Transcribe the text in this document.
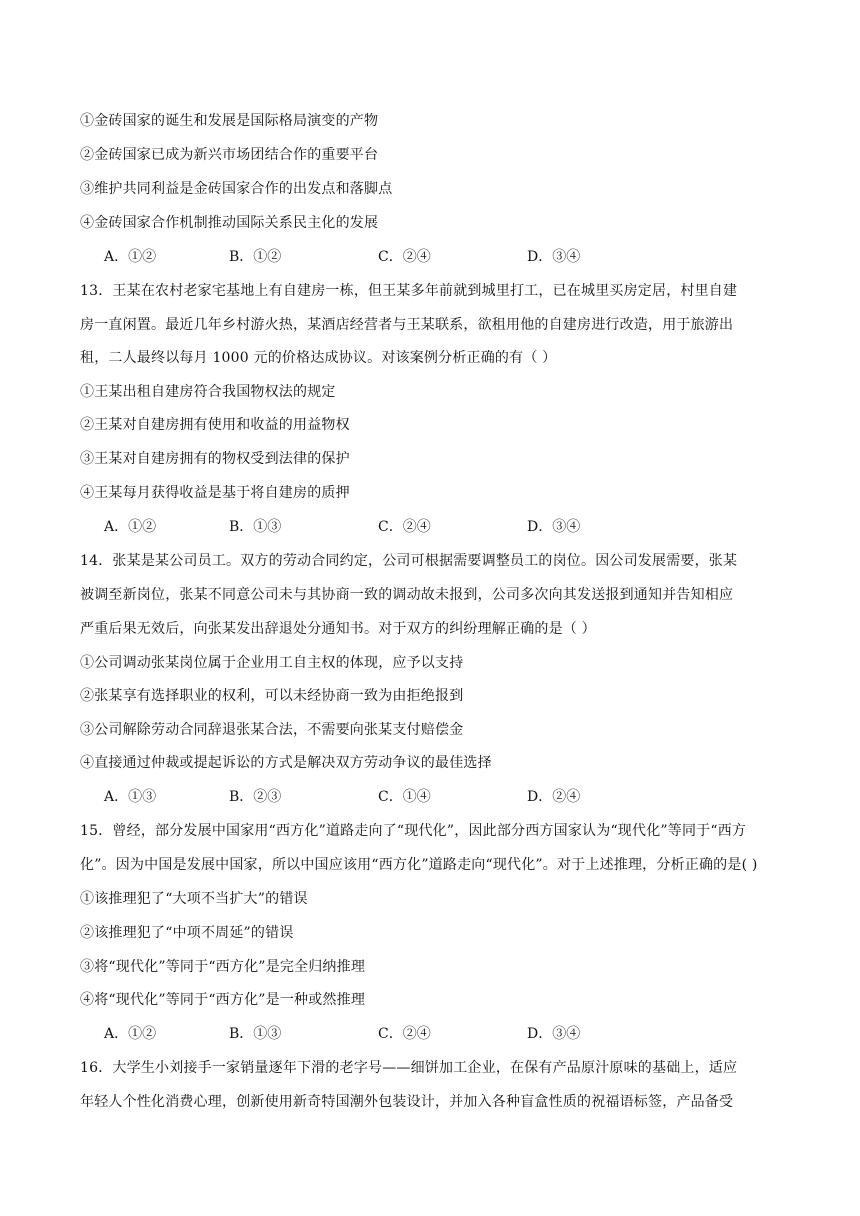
①金砖国家的诞生和发展是国际格局演变的产物
②金砖国家已成为新兴市场团结合作的重要平台
③维护共同利益是金砖国家合作的出发点和落脚点
④金砖国家合作机制推动国际关系民主化的发展
A．①②	B．①②	C．②④	D．③④
13．王某在农村老家宅基地上有自建房一栋，但王某多年前就到城里打工，已在城里买房定居，村里自建
房一直闲置。最近几年乡村游火热，某酒店经营者与王某联系，欲租用他的自建房进行改造，用于旅游出
租，二人最终以每月 1000 元的价格达成协议。对该案例分析正确的有（ ）
①王某出租自建房符合我国物权法的规定
②王某对自建房拥有使用和收益的用益物权
③王某对自建房拥有的物权受到法律的保护
④王某每月获得收益是基于将自建房的质押
A．①②	B．①③	C．②④	D．③④
14．张某是某公司员工。双方的劳动合同约定，公司可根据需要调整员工的岗位。因公司发展需要，张某
被调至新岗位，张某不同意公司未与其协商一致的调动故未报到，公司多次向其发送报到通知并告知相应
严重后果无效后，向张某发出辞退处分通知书。对于双方的纠纷理解正确的是（ ）
①公司调动张某岗位属于企业用工自主权的体现，应予以支持
②张某享有选择职业的权利，可以未经协商一致为由拒绝报到
③公司解除劳动合同辞退张某合法，不需要向张某支付赔偿金
④直接通过仲裁或提起诉讼的方式是解决双方劳动争议的最佳选择
A．①③	B．②③	C．①④	D．②④
15．曾经，部分发展中国家用“西方化”道路走向了“现代化”，因此部分西方国家认为“现代化”等同于“西方
化”。因为中国是发展中国家，所以中国应该用“西方化”道路走向“现代化”。对于上述推理，分析正确的是( )
①该推理犯了“大项不当扩大”的错误
②该推理犯了“中项不周延”的错误
③将“现代化”等同于“西方化”是完全归纳推理
④将“现代化”等同于“西方化”是一种或然推理
A．①②	B．①③	C．②④	D．③④
16．大学生小刘接手一家销量逐年下滑的老字号——细饼加工企业，在保有产品原汁原味的基础上，适应
年轻人个性化消费心理，创新使用新奇特国潮外包装设计，并加入各种盲盒性质的祝福语标签，产品备受
